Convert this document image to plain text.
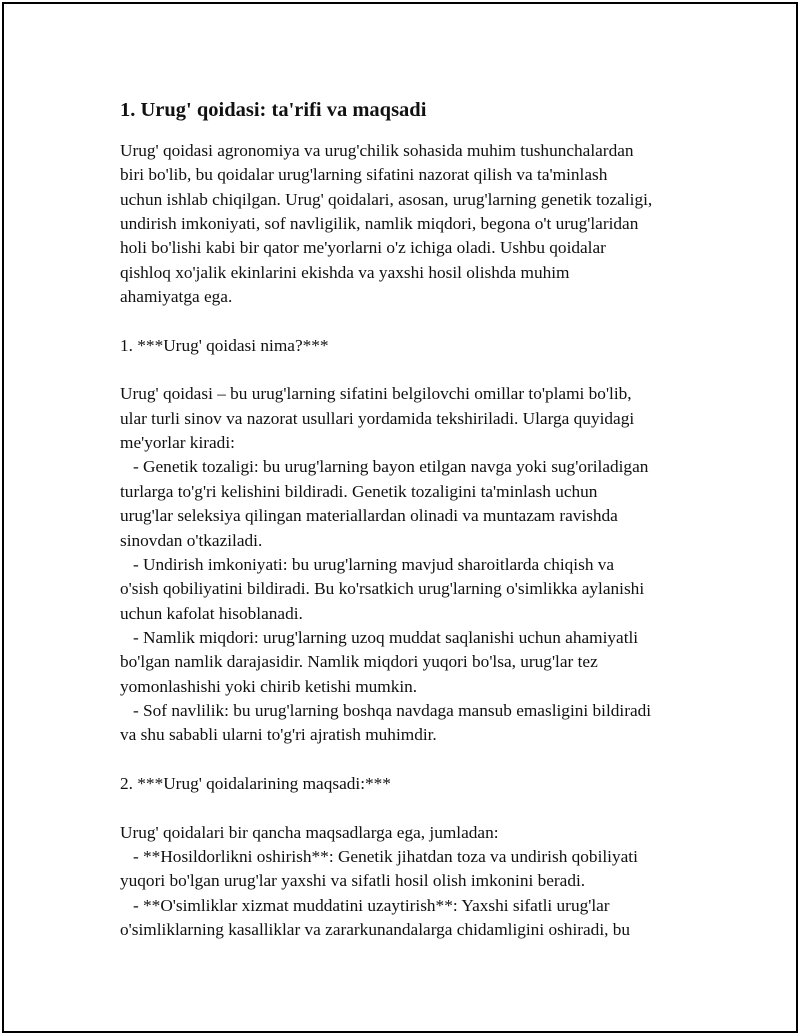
1. Urug' qoidasi: ta'rifi va maqsadi

Urug' qoidasi agronomiya va urug'chilik sohasida muhim tushunchalardan

biri bo'lib, bu qoidalar urug'larning sifatini nazorat qilish va ta'minlash

uchun ishlab chiqilgan. Urug' qoidalari, asosan, urug'larning genetik tozaligi,

undirish imkoniyati, sof navligilik, namlik miqdori, begona o't urug'laridan

holi bo'lishi kabi bir qator me'yorlarni o'z ichiga oladi. Ushbu qoidalar

qishloq xo'jalik ekinlarini ekishda va yaxshi hosil olishda muhim

ahamiyatga ega.

1. ***Urug' qoidasi nima?***

Urug' qoidasi – bu urug'larning sifatini belgilovchi omillar to'plami bo'lib,

ular turli sinov va nazorat usullari yordamida tekshiriladi. Ularga quyidagi

me'yorlar kiradi:

- Genetik tozaligi: bu urug'larning bayon etilgan navga yoki sug'oriladigan

turlarga to'g'ri kelishini bildiradi. Genetik tozaligini ta'minlash uchun

urug'lar seleksiya qilingan materiallardan olinadi va muntazam ravishda

sinovdan o'tkaziladi.

- Undirish imkoniyati: bu urug'larning mavjud sharoitlarda chiqish va

o'sish qobiliyatini bildiradi. Bu ko'rsatkich urug'larning o'simlikka aylanishi

uchun kafolat hisoblanadi.

- Namlik miqdori: urug'larning uzoq muddat saqlanishi uchun ahamiyatli

bo'lgan namlik darajasidir. Namlik miqdori yuqori bo'lsa, urug'lar tez

yomonlashishi yoki chirib ketishi mumkin.

- Sof navlilik: bu urug'larning boshqa navdaga mansub emasligini bildiradi

va shu sababli ularni to'g'ri ajratish muhimdir.

2. ***Urug' qoidalarining maqsadi:***

Urug' qoidalari bir qancha maqsadlarga ega, jumladan:

- **Hosildorlikni oshirish**: Genetik jihatdan toza va undirish qobiliyati

yuqori bo'lgan urug'lar yaxshi va sifatli hosil olish imkonini beradi.

- **O'simliklar xizmat muddatini uzaytirish**: Yaxshi sifatli urug'lar

o'simliklarning kasalliklar va zararkunandalarga chidamligini oshiradi, bu
